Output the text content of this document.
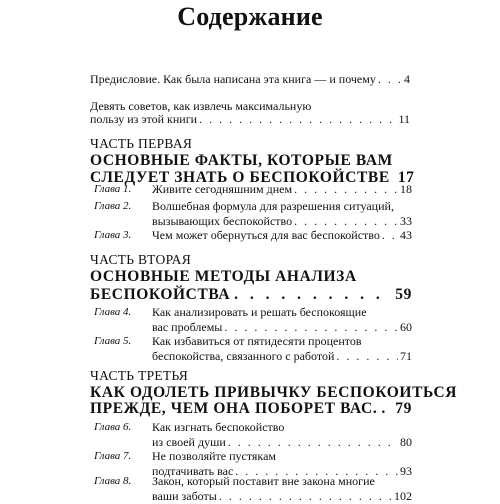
Содержание
Предисловие. Как была написана эта книга — и почему . . . 4
Девять советов, как извлечь максимальную
пользу из этой книги . . .	11
ЧАСТЬ ПЕРВАЯ
ОСНОВНЫЕ ФАКТЫ, КОТОРЫЕ ВАМ
СЛЕДУЕТ ЗНАТЬ О БЕСПОКОЙСТВЕ 17
Глава 1. Живите сегодняшним днем . . .	18
Глава 2. Волшебная формула для разрешения ситуаций,
вызывающих беспокойство . . .	33
Глава 3. Чем может обернуться для вас беспокойство . . . 43
ЧАСТЬ ВТОРАЯ
ОСНОВНЫЕ МЕТОДЫ АНАЛИЗА
БЕСПОКОЙСТВА . . .	59
Глава 4. Как анализировать и решать беспокоящие
вас проблемы . . .	60
Глава 5. Как избавиться от пятидесяти процентов
беспокойства, связанного с работой . . .	71
ЧАСТЬ ТРЕТЬЯ
КАК ОДОЛЕТЬ ПРИВЫЧКУ БЕСПОКОИТЬСЯ
ПРЕЖДЕ, ЧЕМ ОНА ПОБОРЕТ ВАС. . . . 79
Глава 6. Как изгнать беспокойство
из своей души . . .	80
Глава 7. Не позволяйте пустякам
подтачивать вас . . .	93
Глава 8. Закон, который поставит вне закона многие
ваши заботы . . .	102
